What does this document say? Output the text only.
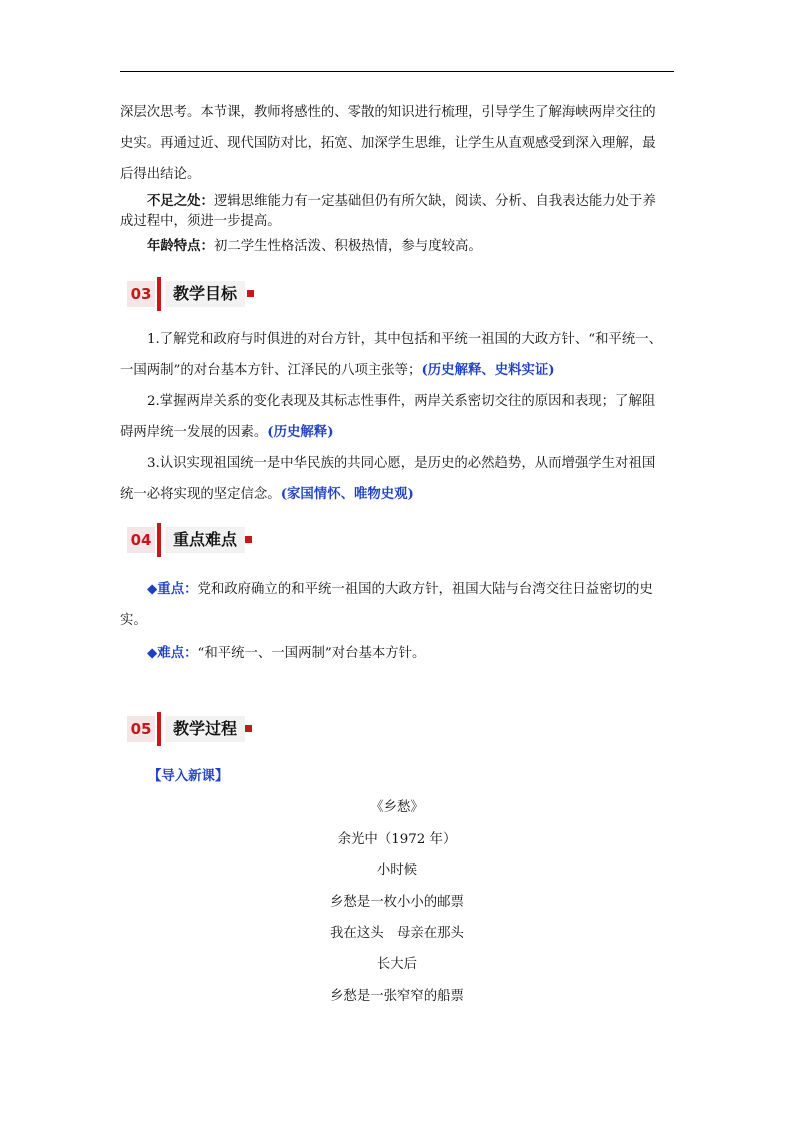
深层次思考。本节课，教师将感性的、零散的知识进行梳理，引导学生了解海峡两岸交往的

史实。再通过近、现代国防对比，拓宽、加深学生思维，让学生从直观感受到深入理解，最

后得出结论。

不足之处：逻辑思维能力有一定基础但仍有所欠缺，阅读、分析、自我表达能力处于养

成过程中，须进一步提高。

年龄特点：初二学生性格活泼、积极热情，参与度较高。

03	教学目标

1.了解党和政府与时俱进的对台方针，其中包括和平统一祖国的大政方针、“和平统一、

一国两制”的对台基本方针、江泽民的八项主张等；(历史解释、史料实证)

2.掌握两岸关系的变化表现及其标志性事件，两岸关系密切交往的原因和表现；了解阻

碍两岸统一发展的因素。(历史解释)

3.认识实现祖国统一是中华民族的共同心愿，是历史的必然趋势，从而增强学生对祖国

统一必将实现的坚定信念。(家国情怀、唯物史观)

04	重点难点

◆重点：党和政府确立的和平统一祖国的大政方针，祖国大陆与台湾交往日益密切的史

实。

◆难点：“和平统一、一国两制”对台基本方针。

05	教学过程
【导入新课】

《乡愁》

余光中（1972 年）

小时候

乡愁是一枚小小的邮票

我在这头　母亲在那头

长大后

乡愁是一张窄窄的船票
